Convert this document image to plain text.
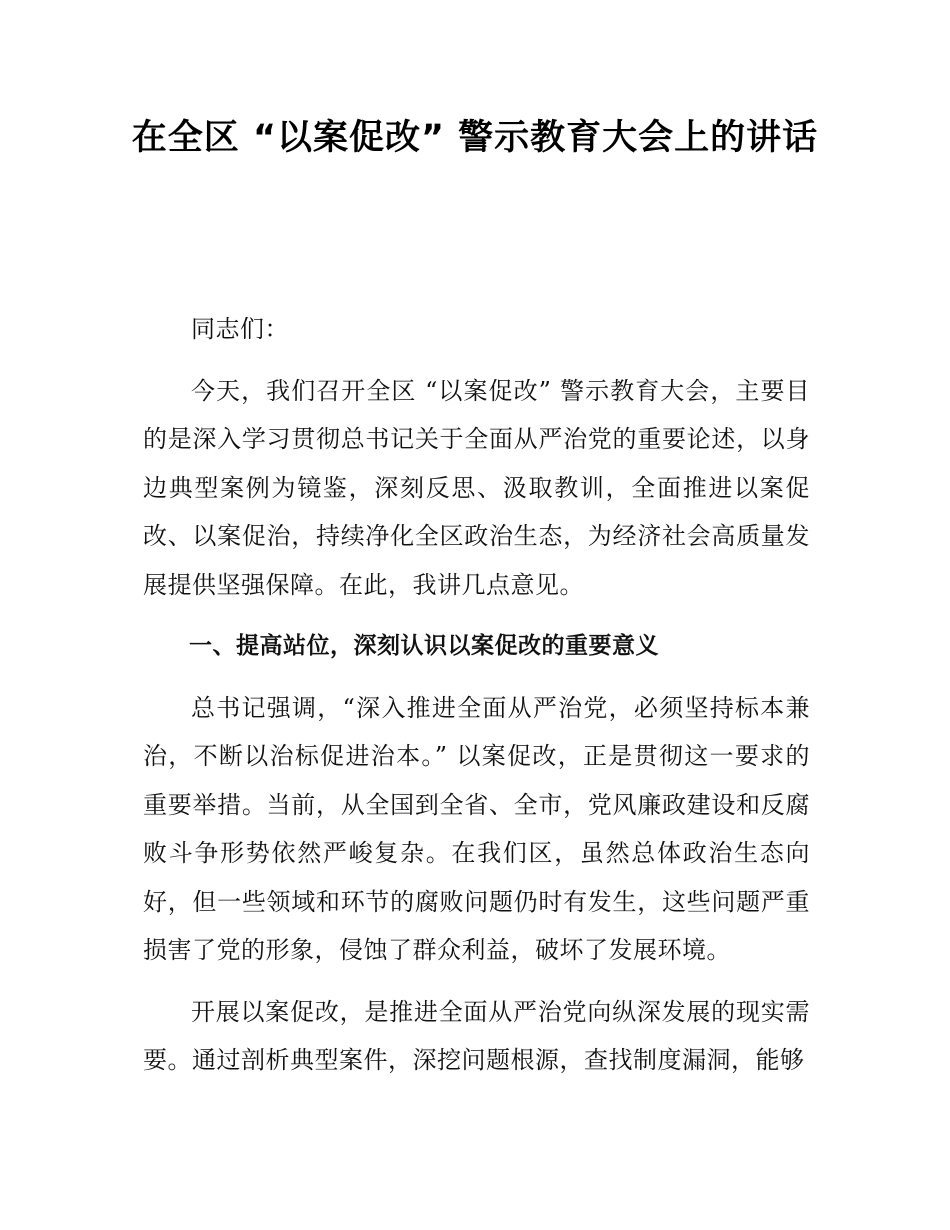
在全区 “以案促改” 警示教育大会上的讲话

同志们：

今天，我们召开全区 “以案促改” 警示教育大会，主要目的是深入学习贯彻总书记关于全面从严治党的重要论述，以身边典型案例为镜鉴，深刻反思、汲取教训，全面推进以案促改、以案促治，持续净化全区政治生态，为经济社会高质量发展提供坚强保障。在此，我讲几点意见。

一、提高站位，深刻认识以案促改的重要意义

总书记强调，“深入推进全面从严治党，必须坚持标本兼治，不断以治标促进治本。” 以案促改，正是贯彻这一要求的重要举措。当前，从全国到全省、全市，党风廉政建设和反腐败斗争形势依然严峻复杂。在我们区，虽然总体政治生态向好，但一些领域和环节的腐败问题仍时有发生，这些问题严重损害了党的形象，侵蚀了群众利益，破坏了发展环境。

开展以案促改，是推进全面从严治党向纵深发展的现实需要。通过剖析典型案件，深挖问题根源，查找制度漏洞，能够
